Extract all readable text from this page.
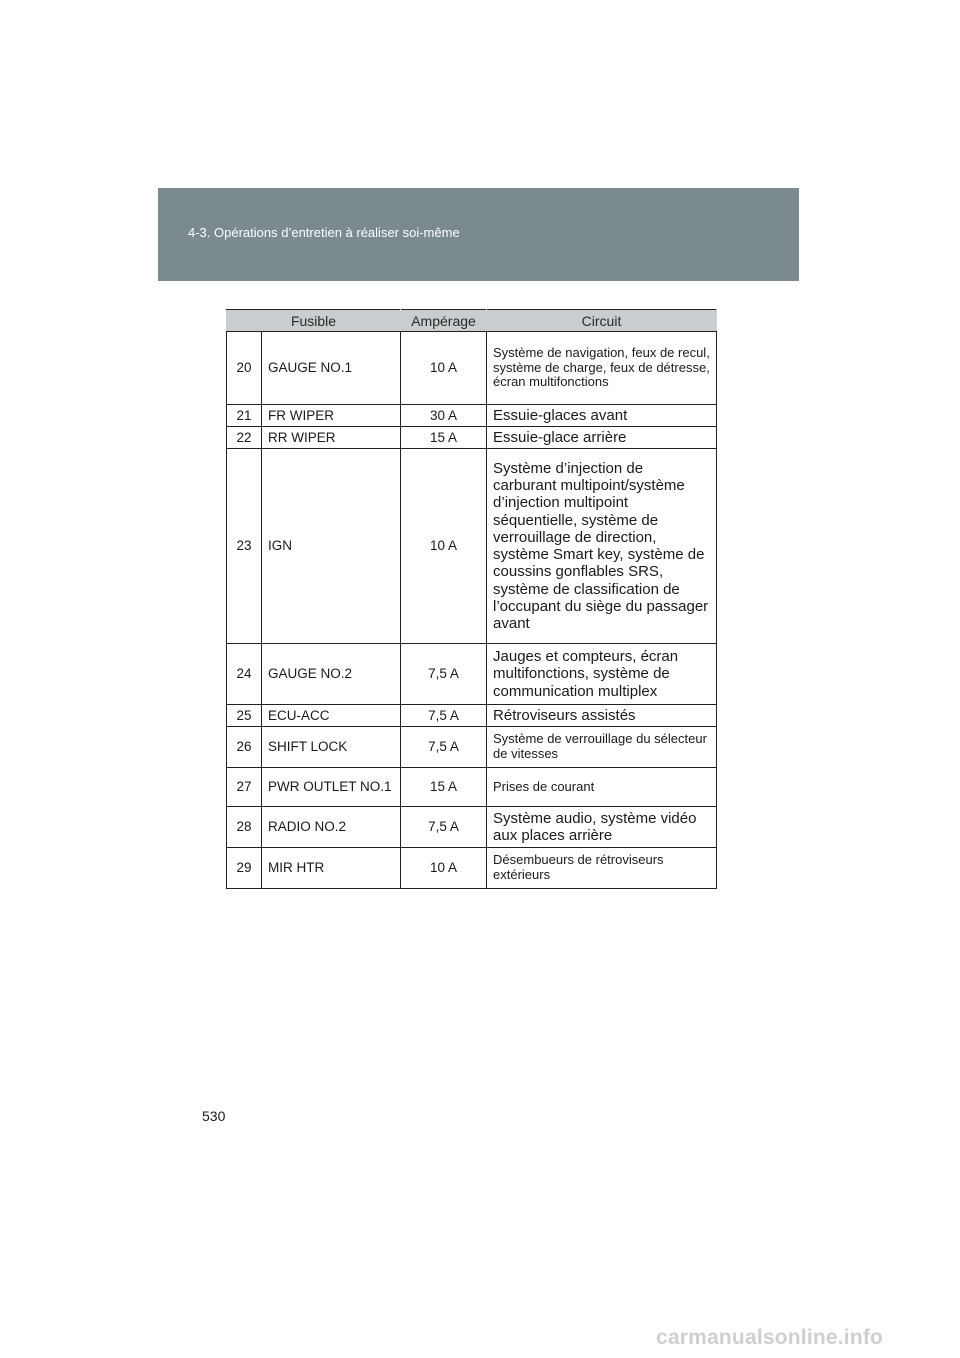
4-3. Opérations d’entretien à réaliser soi-même
Fusible		Ampérage	Circuit
20	GAUGE NO.1	10 A	Système de navigation, feux de recul, système de charge, feux de détresse, écran multifonctions
21	FR WIPER	30 A	Essuie-glaces avant
22	RR WIPER	15 A	Essuie-glace arrière
23	IGN	10 A	Système d’injection de carburant multipoint/système d’injection multipoint séquentielle, système de verrouillage de direction, système Smart key, système de coussins gonflables SRS, système de classification de l’occupant du siège du passager avant
24	GAUGE NO.2	7,5 A	Jauges et compteurs, écran multifonctions, système de communication multiplex
25	ECU-ACC	7,5 A	Rétroviseurs assistés
26	SHIFT LOCK	7,5 A	Système de verrouillage du sélecteur de vitesses
27	PWR OUTLET NO.1	15 A	Prises de courant
28	RADIO NO.2	7,5 A	Système audio, système vidéo aux places arrière
29	MIR HTR	10 A	Désembueurs de rétroviseurs extérieurs
530
carmanualsonline.info
